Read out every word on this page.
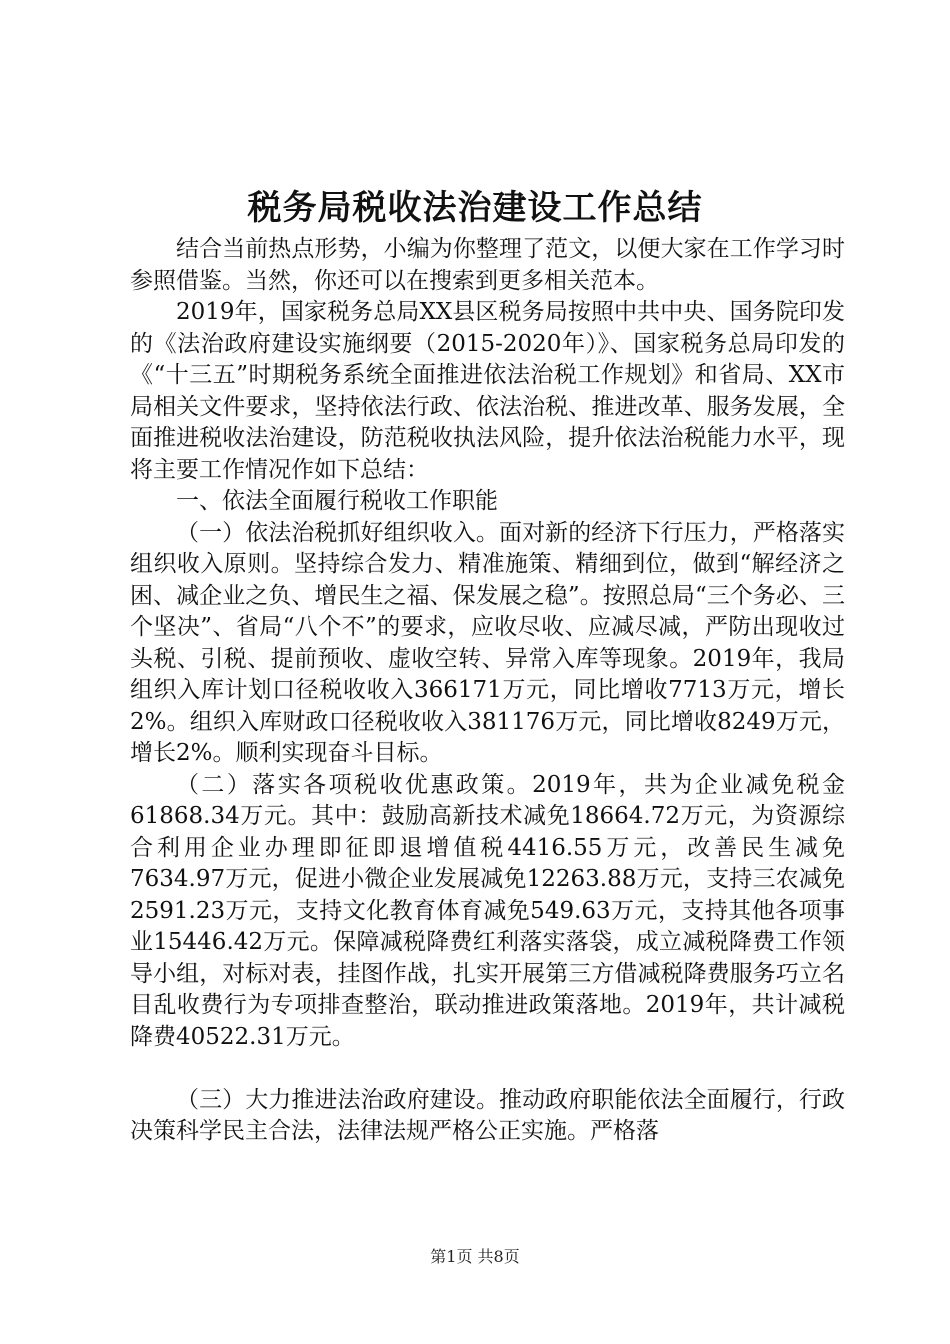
税务局税收法治建设工作总结

结合当前热点形势，小编为你整理了范文，以便大家在工作学习时参照借鉴。当然，你还可以在搜索到更多相关范本。

2019年，国家税务总局XX县区税务局按照中共中央、国务院印发的《法治政府建设实施纲要（2015-2020年）》、国家税务总局印发的《“十三五”时期税务系统全面推进依法治税工作规划》和省局、XX市局相关文件要求，坚持依法行政、依法治税、推进改革、服务发展，全面推进税收法治建设，防范税收执法风险，提升依法治税能力水平，现将主要工作情况作如下总结：

一、依法全面履行税收工作职能

（一）依法治税抓好组织收入。面对新的经济下行压力，严格落实组织收入原则。坚持综合发力、精准施策、精细到位，做到“解经济之困、减企业之负、增民生之福、保发展之稳”。按照总局“三个务必、三个坚决”、省局“八个不”的要求，应收尽收、应减尽减，严防出现收过头税、引税、提前预收、虚收空转、异常入库等现象。2019年，我局组织入库计划口径税收收入366171万元，同比增收7713万元，增长2%。组织入库财政口径税收收入381176万元，同比增收8249万元，增长2%。顺利实现奋斗目标。

（二）落实各项税收优惠政策。2019年，共为企业减免税金61868.34万元。其中：鼓励高新技术减免18664.72万元，为资源综合利用企业办理即征即退增值税4416.55万元，改善民生减免7634.97万元，促进小微企业发展减免12263.88万元，支持三农减免2591.23万元，支持文化教育体育减免549.63万元，支持其他各项事业15446.42万元。保障减税降费红利落实落袋，成立减税降费工作领导小组，对标对表，挂图作战，扎实开展第三方借减税降费服务巧立名目乱收费行为专项排查整治，联动推进政策落地。2019年，共计减税降费40522.31万元。

（三）大力推进法治政府建设。推动政府职能依法全面履行，行政决策科学民主合法，法律法规严格公正实施。严格落

第1页 共8页
